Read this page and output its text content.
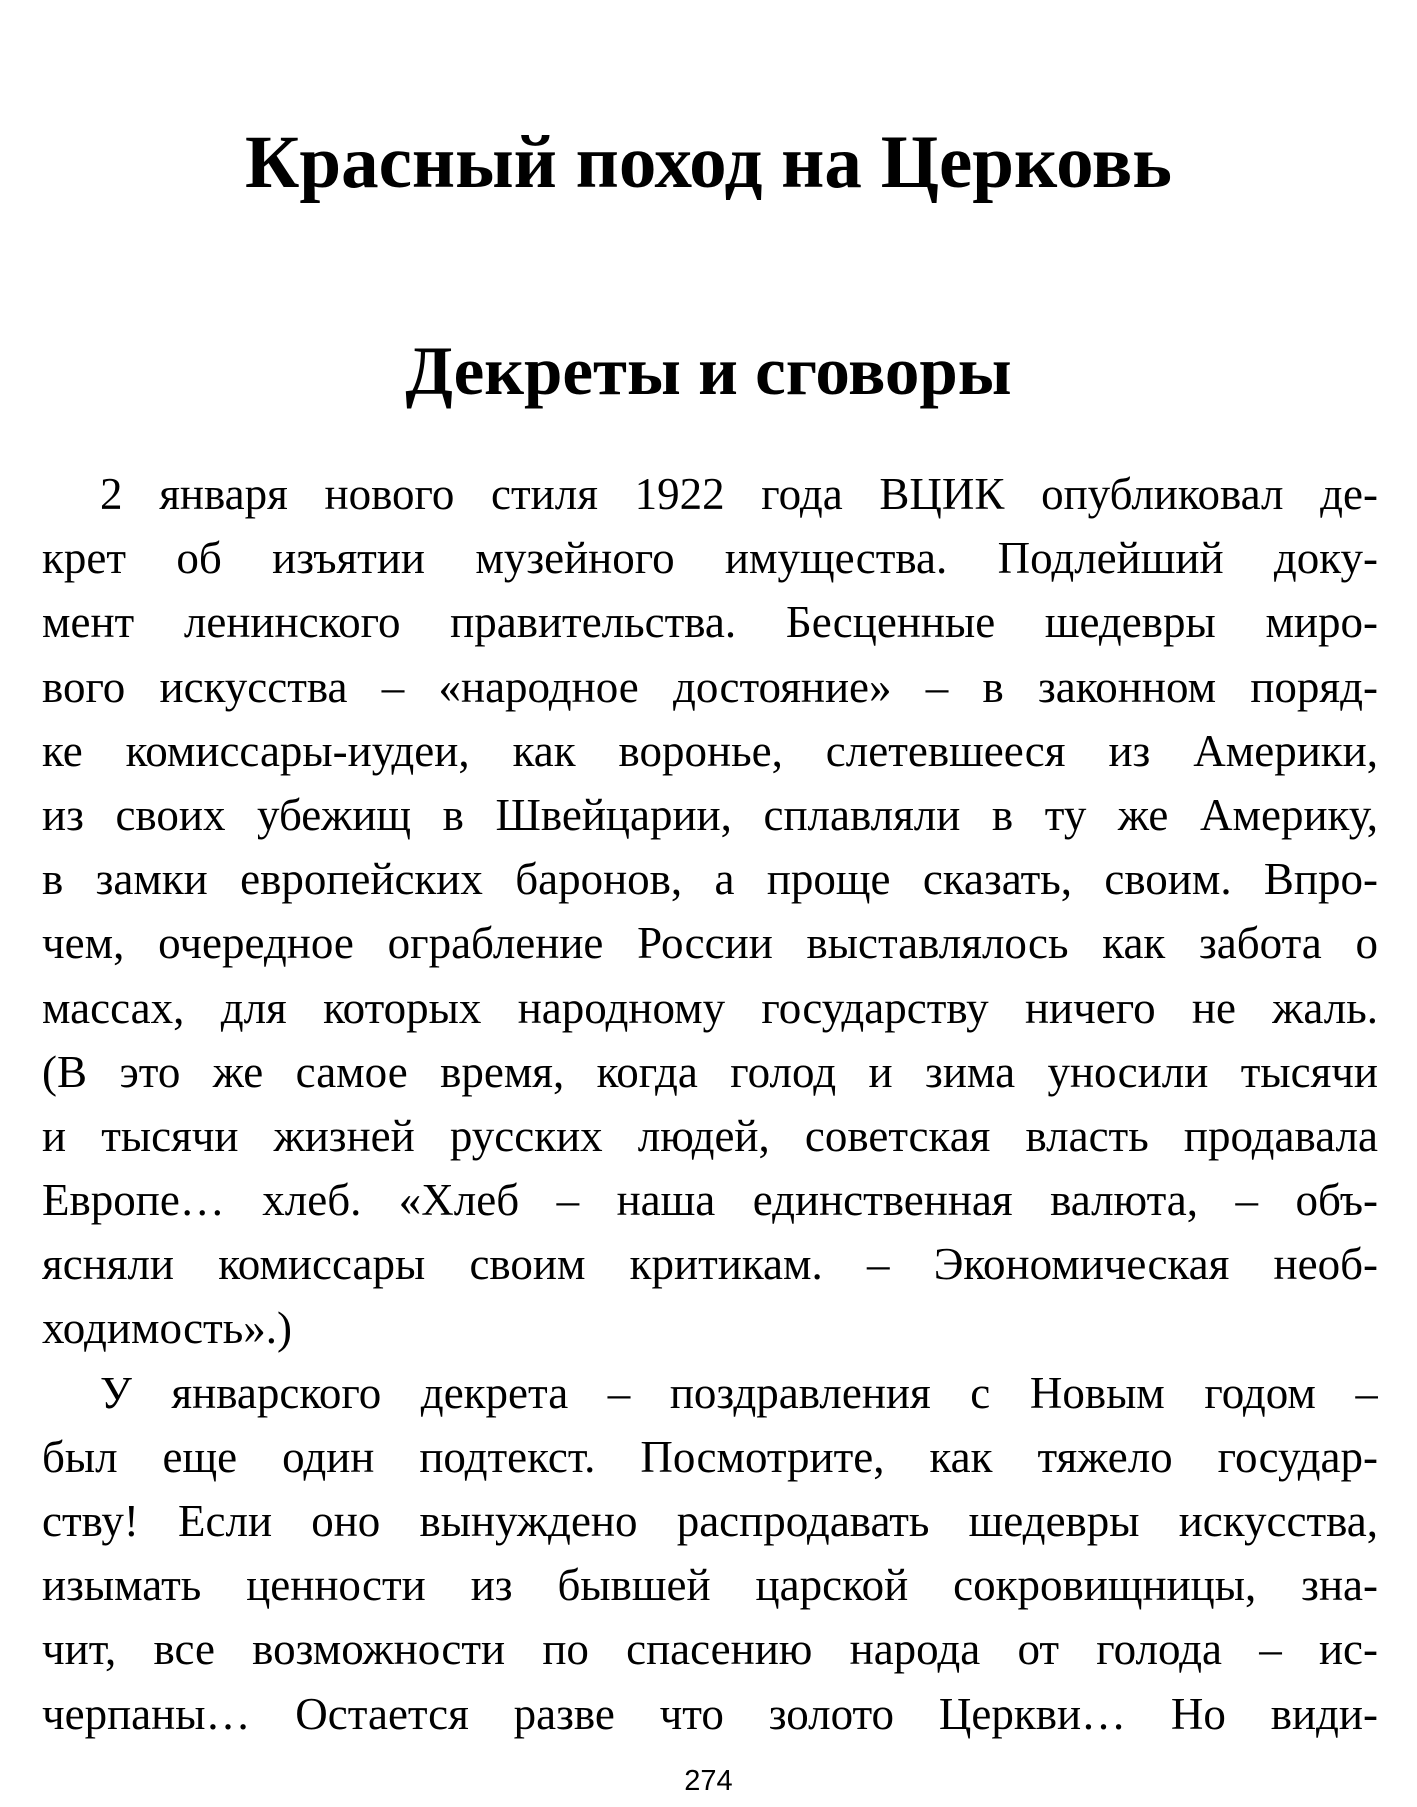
Красный поход на Церковь
Декреты и сговоры
2 января нового стиля 1922 года ВЦИК опубликовал де-
крет об изъятии музейного имущества. Подлейший доку-
мент ленинского правительства. Бесценные шедевры миро-
вого искусства – «народное достояние» – в законном поряд-
ке комиссары-иудеи, как воронье, слетевшееся из Америки,
из своих убежищ в Швейцарии, сплавляли в ту же Америку,
в замки европейских баронов, а проще сказать, своим. Впро-
чем, очередное ограбление России выставлялось как забота о
массах, для которых народному государству ничего не жаль.
(В это же самое время, когда голод и зима уносили тысячи
и тысячи жизней русских людей, советская власть продавала
Европе… хлеб. «Хлеб – наша единственная валюта, – объ-
ясняли комиссары своим критикам. – Экономическая необ-
ходимость».)
У январского декрета – поздравления с Новым годом –
был еще один подтекст. Посмотрите, как тяжело государ-
ству! Если оно вынуждено распродавать шедевры искусства,
изымать ценности из бывшей царской сокровищницы, зна-
чит, все возможности по спасению народа от голода – ис-
черпаны… Остается разве что золото Церкви… Но види-
274
